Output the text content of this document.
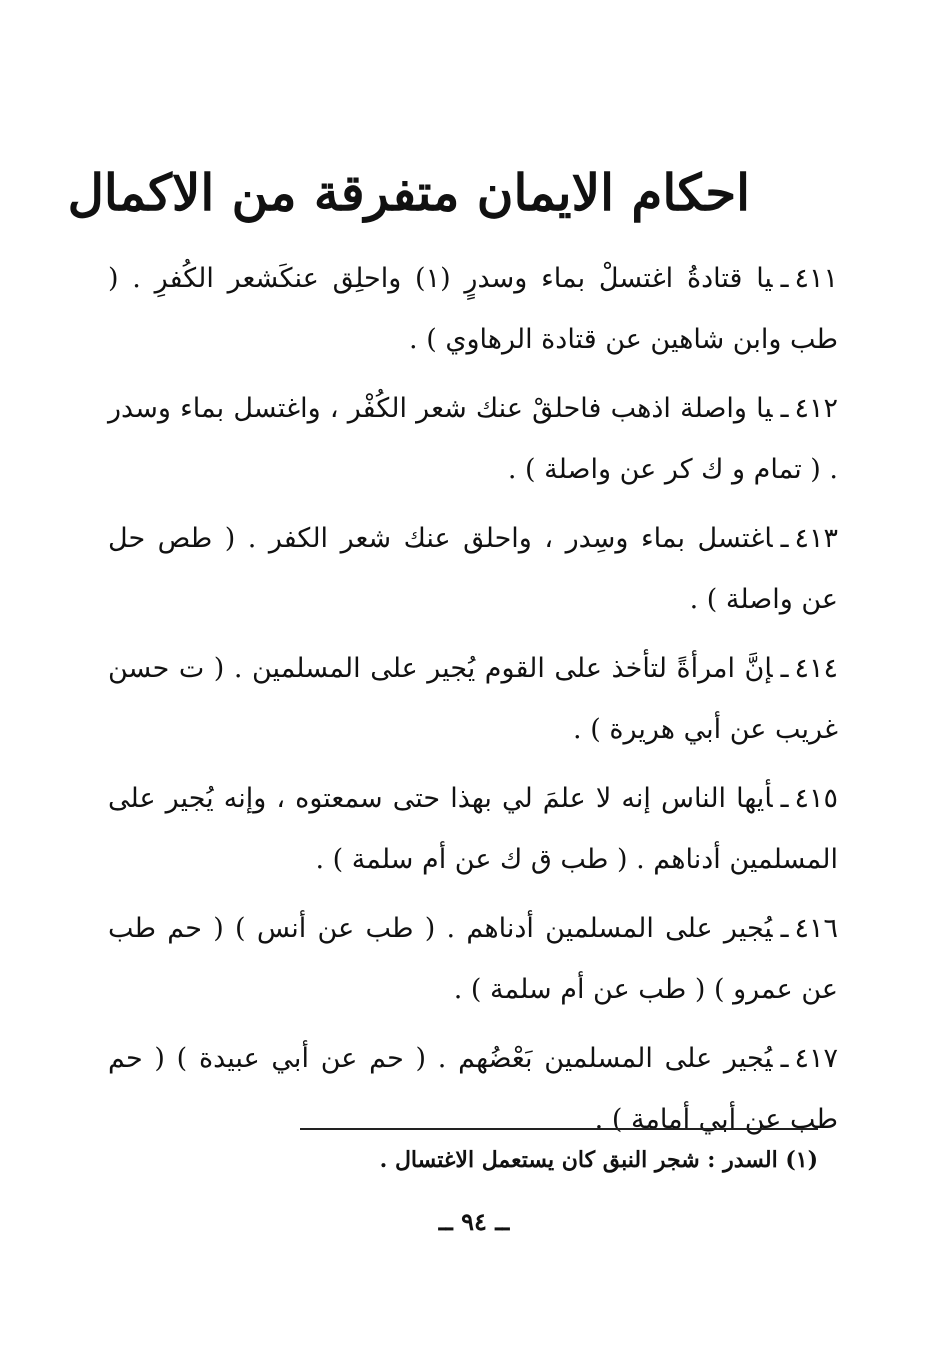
احكام الايمان متفرقة من الاكمال

٤١١ـيا قتادةُ اغتسلْ بماء وسدرٍ (١) واحلِق عنكَشعر الكُفرِ . ( طب وابن شاهين عن قتادة الرهاوي ) .

٤١٢ـيا واصلة اذهب فاحلقْ عنك شعر الكُفْر ، واغتسل بماء وسدر . ( تمام و ك كر عن واصلة ) .

٤١٣ـاغتسل بماء وسِدر ، واحلق عنك شعر الكفر . ( طص حل عن واصلة ) .

٤١٤ـإنَّ امرأةً لتأخذ على القوم يُجير على المسلمين . ( ت حسن غريب عن أبي هريرة ) .

٤١٥ـأيها الناس إنه لا علمَ لي بهذا حتى سمعتوه ، وإنه يُجير على المسلمين أدناهم . ( طب ق ك عن أم سلمة ) .

٤١٦ـيُجير على المسلمين أدناهم . ( طب عن أنس ) ( حم طب عن عمرو ) ( طب عن أم سلمة ) .

٤١٧ـيُجير على المسلمين بَعْضُهم . ( حم عن أبي عبيدة ) ( حم طب عن أبي أمامة ) .

(١) السدر : شجر النبق كان يستعمل الاغتسال .
ــ ٩٤ ــ
